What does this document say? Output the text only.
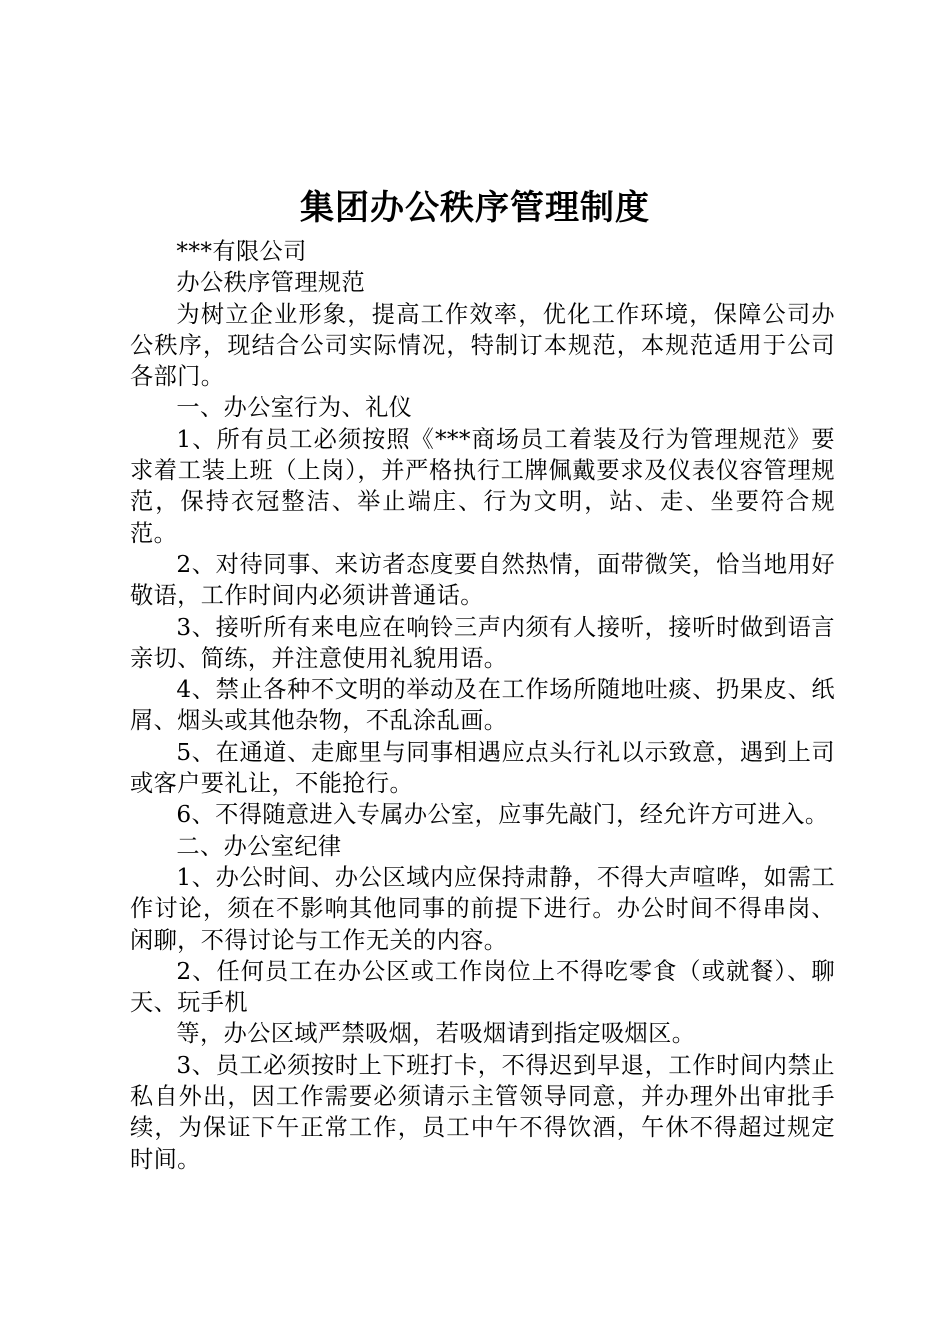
集团办公秩序管理制度

***有限公司

办公秩序管理规范

为树立企业形象，提高工作效率，优化工作环境，保障公司办公秩序，现结合公司实际情况，特制订本规范，本规范适用于公司各部门。

一、办公室行为、礼仪

1、所有员工必须按照《***商场员工着装及行为管理规范》要求着工装上班（上岗），并严格执行工牌佩戴要求及仪表仪容管理规范，保持衣冠整洁、举止端庄、行为文明，站、走、坐要符合规范。

2、对待同事、来访者态度要自然热情，面带微笑，恰当地用好敬语，工作时间内必须讲普通话。

3、接听所有来电应在响铃三声内须有人接听，接听时做到语言亲切、简练，并注意使用礼貌用语。

4、禁止各种不文明的举动及在工作场所随地吐痰、扔果皮、纸屑、烟头或其他杂物，不乱涂乱画。

5、在通道、走廊里与同事相遇应点头行礼以示致意，遇到上司或客户要礼让，不能抢行。

6、不得随意进入专属办公室，应事先敲门，经允许方可进入。

二、办公室纪律

1、办公时间、办公区域内应保持肃静，不得大声喧哗，如需工作讨论，须在不影响其他同事的前提下进行。办公时间不得串岗、闲聊，不得讨论与工作无关的内容。

2、任何员工在办公区或工作岗位上不得吃零食（或就餐）、聊天、玩手机

等，办公区域严禁吸烟，若吸烟请到指定吸烟区。

3、员工必须按时上下班打卡，不得迟到早退，工作时间内禁止私自外出，因工作需要必须请示主管领导同意，并办理外出审批手续，为保证下午正常工作，员工中午不得饮酒，午休不得超过规定时间。
